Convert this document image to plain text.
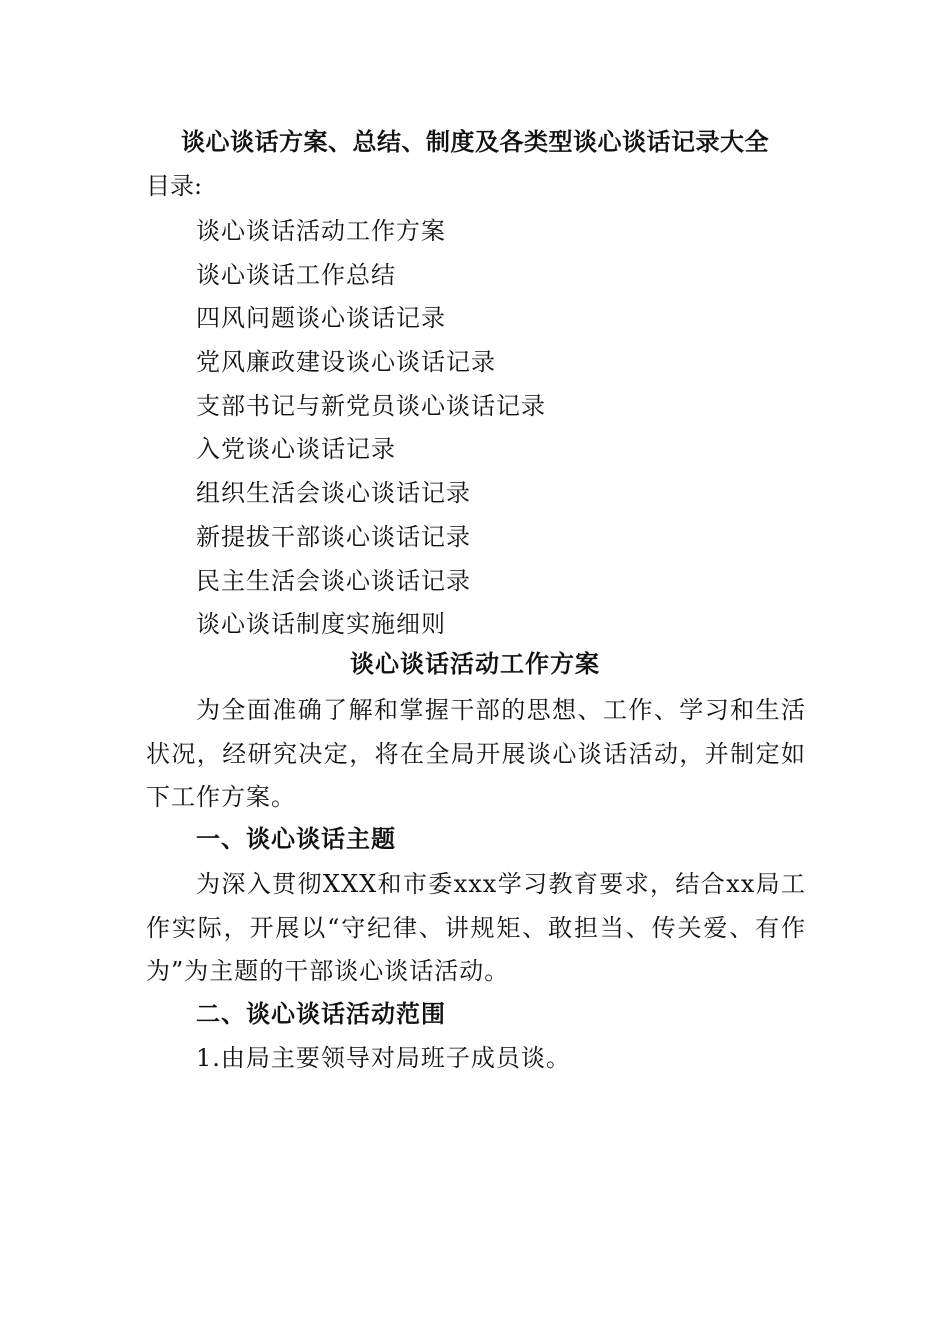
谈心谈话方案、总结、制度及各类型谈心谈话记录大全
目录:
谈心谈话活动工作方案
谈心谈话工作总结
四风问题谈心谈话记录
党风廉政建设谈心谈话记录
支部书记与新党员谈心谈话记录
入党谈心谈话记录
组织生活会谈心谈话记录
新提拔干部谈心谈话记录
民主生活会谈心谈话记录
谈心谈话制度实施细则
谈心谈话活动工作方案

为全面准确了解和掌握干部的思想、工作、学习和生活状况，经研究决定，将在全局开展谈心谈话活动，并制定如下工作方案。

一、谈心谈话主题

为深入贯彻XXX和市委xxx学习教育要求，结合xx局工作实际，开展以“守纪律、讲规矩、敢担当、传关爱、有作为”为主题的干部谈心谈话活动。

二、谈心谈话活动范围

1.由局主要领导对局班子成员谈。
